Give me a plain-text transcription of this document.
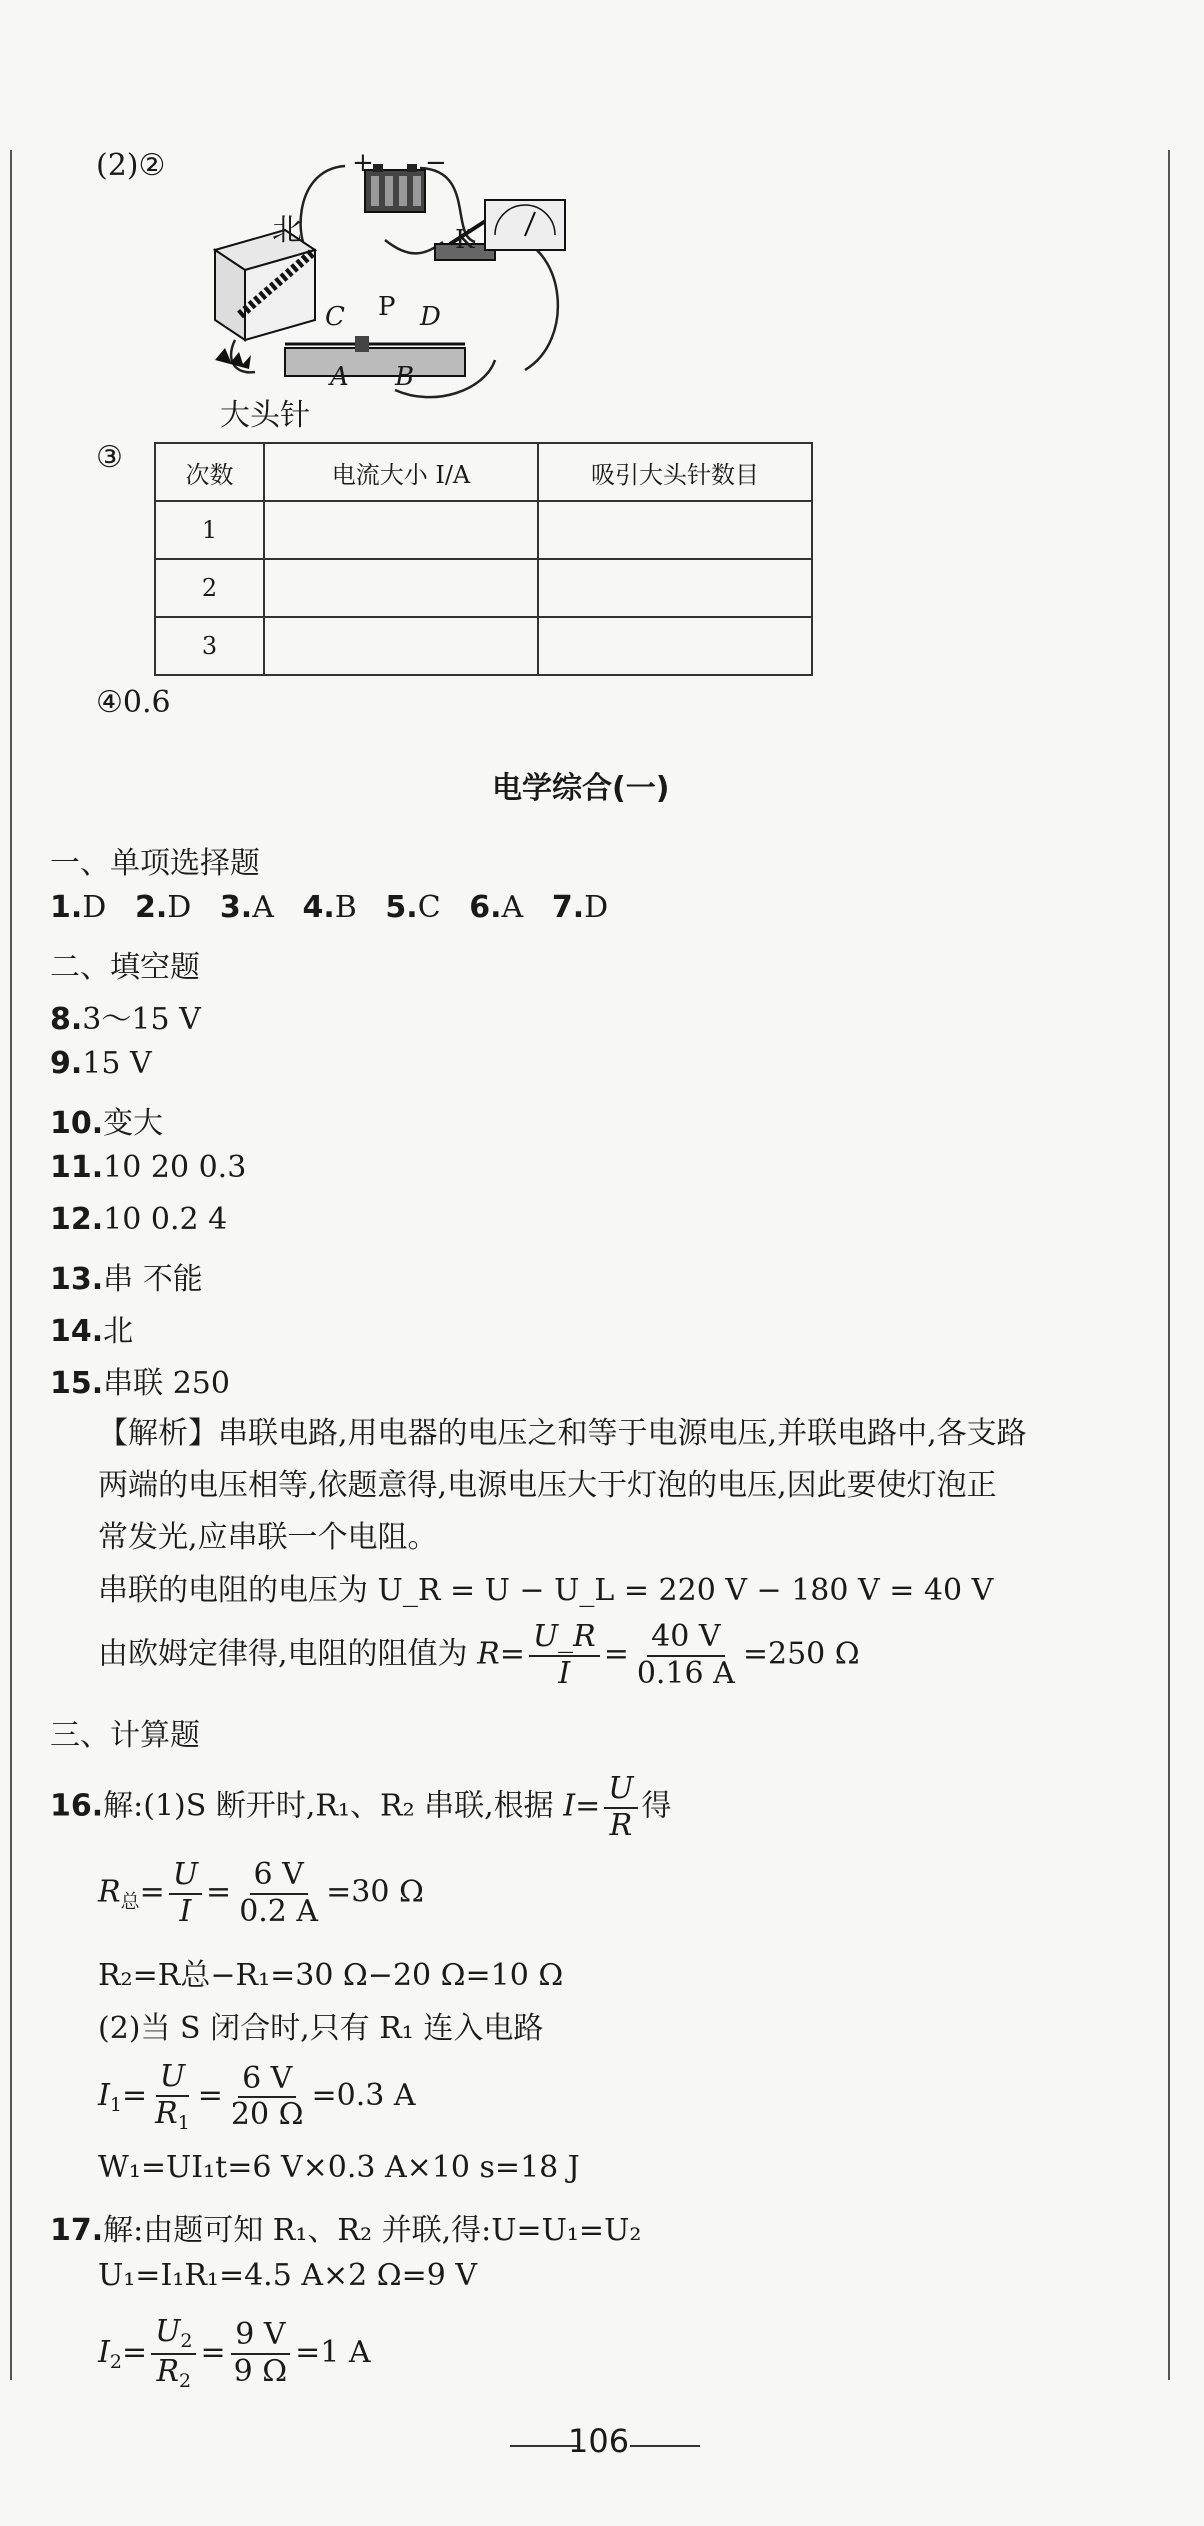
(2)②	+ −
北	K
P
C	D
A B
大头针
③	次数	电流大小 I/A	吸引大头针数目
1		
2		
3		
④0.6
电学综合(一)
一、单项选择题
1.D 2.D 3.A 4.B 5.C 6.A 7.D
二、填空题
8.3～15 V
9.15 V
10.变大
11.10 20 0.3
12.10 0.2 4
13.串 不能
14.北
15.串联 250
【解析】串联电路,用电器的电压之和等于电源电压,并联电路中,各支路
两端的电压相等,依题意得,电源电压大于灯泡的电压,因此要使灯泡正
常发光,应串联一个电阻。
串联的电阻的电压为 U_R = U − U_L = 220 V − 180 V = 40 V
由欧姆定律得,电阻的阻值为 $R= \frac{U\_R}{I} = \frac{40 V}{0.16 A} =250$ Ω
三、计算题
16.解:(1)S 断开时,R₁、R₂ 串联,根据 $I= \frac{U}{R}$ 得
$R_总= \frac{U}{I} = \frac{6 V}{0.2 A} =30$ Ω
R₂=R总−R₁=30 Ω−20 Ω=10 Ω
(2)当 S 闭合时,只有 R₁ 连入电路
$I_1= \frac{U}{R_1} = \frac{6 V}{20 \Omega} =0.3$ A
W₁=UI₁t=6 V×0.3 A×10 s=18 J
17.解:由题可知 R₁、R₂ 并联,得:U=U₁=U₂
U₁=I₁R₁=4.5 A×2 Ω=9 V
$I_2= \frac{U_2}{R_2} = \frac{9 V}{9 \Omega} =1$ A
106
